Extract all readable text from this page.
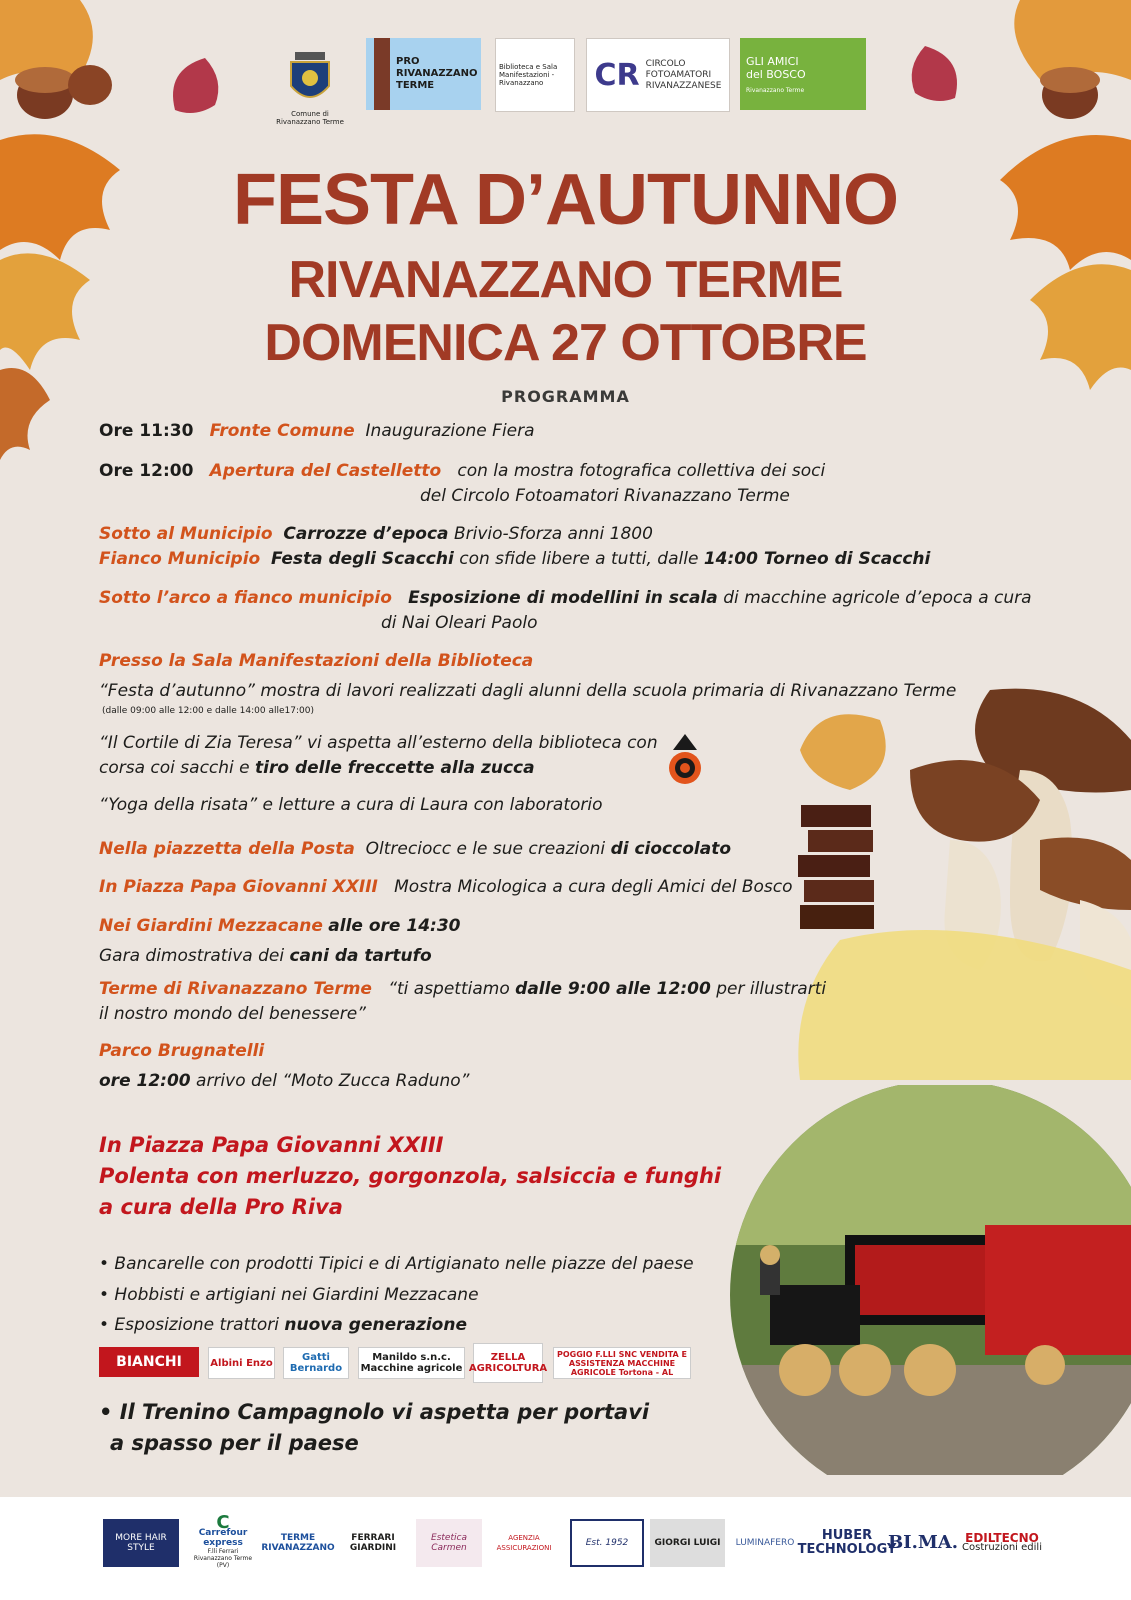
Comune di Rivanazzano Terme
PRO RIVANAZZANO TERME
Biblioteca e Sala Manifestazioni - Rivanazzano	CR CIRCOLO FOTOAMATORI RIVANAZZANESE
GLI AMICI del BOSCO
Rivanazzano Terme
FESTA D’AUTUNNO
RIVANAZZANO TERME
DOMENICA 27 OTTOBRE
PROGRAMMA
Ore 11:30 Fronte Comune Inaugurazione Fiera
Ore 12:00 Apertura del Castelletto con la mostra fotografica collettiva dei soci
del Circolo Fotoamatori Rivanazzano Terme
Sotto al Municipio Carrozze d’epoca Brivio-Sforza anni 1800
Fianco Municipio Festa degli Scacchi con sfide libere a tutti, dalle 14:00 Torneo di Scacchi
Sotto l’arco a fianco municipio Esposizione di modellini in scala di macchine agricole d’epoca a cura
di Nai Oleari Paolo
Presso la Sala Manifestazioni della Biblioteca
“Festa d’autunno” mostra di lavori realizzati dagli alunni della scuola primaria di Rivanazzano Terme
(dalle 09:00 alle 12:00 e dalle 14:00 alle17:00)
“Il Cortile di Zia Teresa” vi aspetta all’esterno della biblioteca con
corsa coi sacchi e tiro delle freccette alla zucca
“Yoga della risata” e letture a cura di Laura con laboratorio
Nella piazzetta della Posta Oltreciocc e le sue creazioni di cioccolato
In Piazza Papa Giovanni XXIII Mostra Micologica a cura degli Amici del Bosco
Nei Giardini Mezzacane alle ore 14:30
Gara dimostrativa dei cani da tartufo
Terme di Rivanazzano Terme “ti aspettiamo dalle 9:00 alle 12:00 per illustrarti
il nostro mondo del benessere”
Parco Brugnatelli
ore 12:00 arrivo del “Moto Zucca Raduno”
In Piazza Papa Giovanni XXIII
Polenta con merluzzo, gorgonzola, salsiccia e funghi
a cura della Pro Riva
• Bancarelle con prodotti Tipici e di Artigianato nelle piazze del paese
• Hobbisti e artigiani nei Giardini Mezzacane
• Esposizione trattori nuova generazione
BIANCHI	Albini Enzo	Gatti Bernardo
Manildo s.n.c. Macchine agricole
ZELLA AGRICOLTURA
POGGIO F.LLI SNC VENDITA E ASSISTENZA MACCHINE AGRICOLE Tortona - AL
• Il Trenino Campagnolo vi aspetta per portavi
a spasso per il paese
MORE HAIR STYLE
C
Carrefour express
F.lli Ferrari Rivanazzano Terme (PV)
TERME RIVANAZZANO
FERRARI GIARDINI
Estetica Carmen
AGENZIA ASSICURAZIONI	Est. 1952	GIORGI LUIGI LUMINAFERO	HUBER TECHNOLOGY
BI.MA. EDILTECNO
Costruzioni edili
